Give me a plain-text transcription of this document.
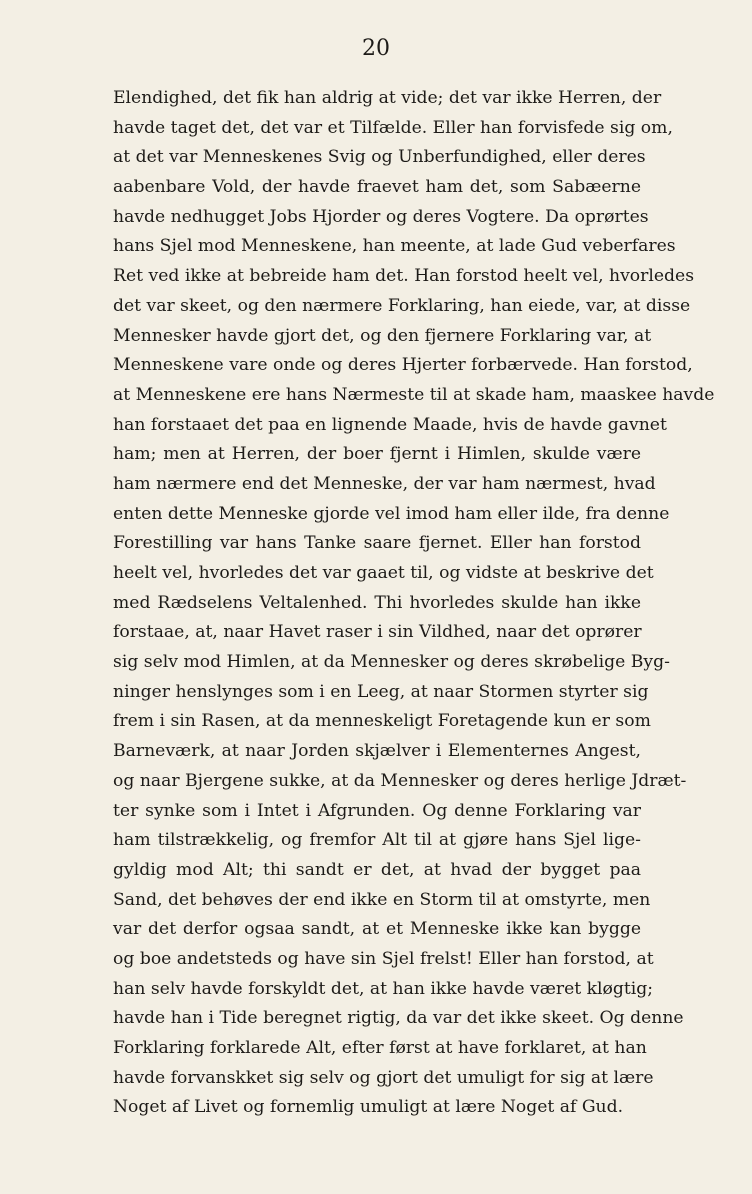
20
Elendighed, det fik han aldrig at vide; det var ikke Herren, der
havde taget det, det var et Tilfælde. Eller han forvisfede sig om,
at det var Menneskenes Svig og Unberfundighed, eller deres
aabenbare Vold, der havde fraevet ham det, som Sabæerne
havde nedhugget Jobs Hjorder og deres Vogtere. Da oprørtes
hans Sjel mod Menneskene, han meente, at lade Gud veberfares
Ret ved ikke at bebreide ham det. Han forstod heelt vel, hvorledes
det var skeet, og den nærmere Forklaring, han eiede, var, at disse
Mennesker havde gjort det, og den fjernere Forklaring var, at
Menneskene vare onde og deres Hjerter forbærvede. Han forstod,
at Menneskene ere hans Nærmeste til at skade ham, maaskee havde
han forstaaet det paa en lignende Maade, hvis de havde gavnet
ham; men at Herren, der boer fjernt i Himlen, skulde være
ham nærmere end det Menneske, der var ham nærmest, hvad
enten dette Menneske gjorde vel imod ham eller ilde, fra denne
Forestilling var hans Tanke saare fjernet. Eller han forstod
heelt vel, hvorledes det var gaaet til, og vidste at beskrive det
med Rædselens Veltalenhed. Thi hvorledes skulde han ikke
forstaae, at, naar Havet raser i sin Vildhed, naar det oprører
sig selv mod Himlen, at da Mennesker og deres skrøbelige Byg-
ninger henslynges som i en Leeg, at naar Stormen styrter sig
frem i sin Rasen, at da menneskeligt Foretagende kun er som
Barneværk, at naar Jorden skjælver i Elementernes Angest,
og naar Bjergene sukke, at da Mennesker og deres herlige Jdræt-
ter synke som i Intet i Afgrunden. Og denne Forklaring var
ham tilstrækkelig, og fremfor Alt til at gjøre hans Sjel lige-
gyldig mod Alt; thi sandt er det, at hvad der bygget paa
Sand, det behøves der end ikke en Storm til at omstyrte, men
var det derfor ogsaa sandt, at et Menneske ikke kan bygge
og boe andetsteds og have sin Sjel frelst! Eller han forstod, at
han selv havde forskyldt det, at han ikke havde været kløgtig;
havde han i Tide beregnet rigtig, da var det ikke skeet. Og denne
Forklaring forklarede Alt, efter først at have forklaret, at han
havde forvanskket sig selv og gjort det umuligt for sig at lære
Noget af Livet og fornemlig umuligt at lære Noget af Gud.
